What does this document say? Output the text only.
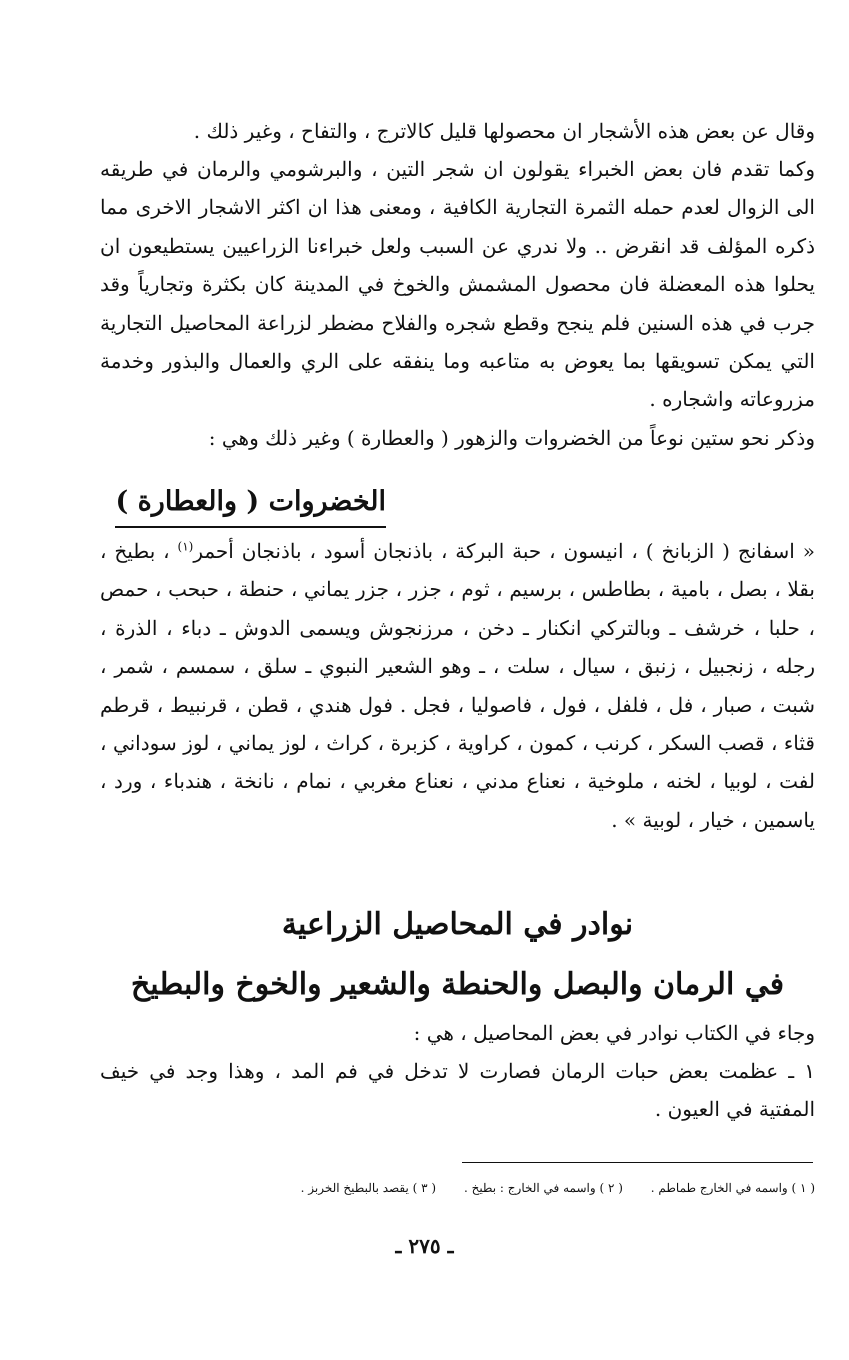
وقال عن بعض هذه الأشجار ان محصولها قليل كالاترج ، والتفاح ، وغير ذلك .

وكما تقدم فان بعض الخبراء يقولون ان شجر التين ، والبرشومي والرمان في طريقه الى الزوال لعدم حمله الثمرة التجارية الكافية ، ومعنى هذا ان اكثر الاشجار الاخرى مما ذكره المؤلف قد انقرض .. ولا ندري عن السبب ولعل خبراءنا الزراعيين يستطيعون ان يحلوا هذه المعضلة فان محصول المشمش والخوخ في المدينة كان بكثرة وتجارياً وقد جرب في هذه السنين فلم ينجح وقطع شجره والفلاح مضطر لزراعة المحاصيل التجارية التي يمكن تسويقها بما يعوض به متاعبه وما ينفقه على الري والعمال والبذور وخدمة مزروعاته واشجاره .

وذكر نحو ستين نوعاً من الخضروات والزهور ( والعطارة ) وغير ذلك وهي :

الخضروات ( والعطارة )

« اسفانج ( الزبانخ ) ، انيسون ، حبة البركة ، باذنجان أسود ، باذنجان أحمر$^{(١)}$ ، بطيخ ، بقلا ، بصل ، بامية ، بطاطس ، برسيم ، ثوم ، جزر ، جزر يماني ، حنطة ، حبحب ، حمص ، حلبا ، خرشف ـ وبالتركي انكنار ـ دخن ، مرزنجوش ويسمى الدوش ـ دباء ، الذرة ، رجله ، زنجبيل ، زنبق ، سيال ، سلت ، ـ وهو الشعير النبوي ـ سلق ، سمسم ، شمر ، شبت ، صبار ، فل ، فلفل ، فول ، فاصوليا ، فجل . فول هندي ، قطن ، قرنبيط ، قرطم قثاء ، قصب السكر ، كرنب ، كمون ، كراوية ، كزبرة ، كراث ، لوز يماني ، لوز سوداني ، لفت ، لوبيا ، لخنه ، ملوخية ، نعناع مدني ، نعناع مغربي ، نمام ، نانخة ، هندباء ، ورد ، ياسمين ، خيار ، لوبية » .

نوادر في المحاصيل الزراعية
في الرمان والبصل والحنطة والشعير والخوخ والبطيخ

وجاء في الكتاب نوادر في بعض المحاصيل ، هي :

١ ـ عظمت بعض حبات الرمان فصارت لا تدخل في فم المد ، وهذا وجد في خيف المفتية في العيون .

( ١ ) واسمه في الخارج طماطم . ( ٢ ) واسمه في الخارج : بطيخ . ( ٣ ) يقصد بالبطيخ الخربز .
ـ ٢٧٥ ـ
